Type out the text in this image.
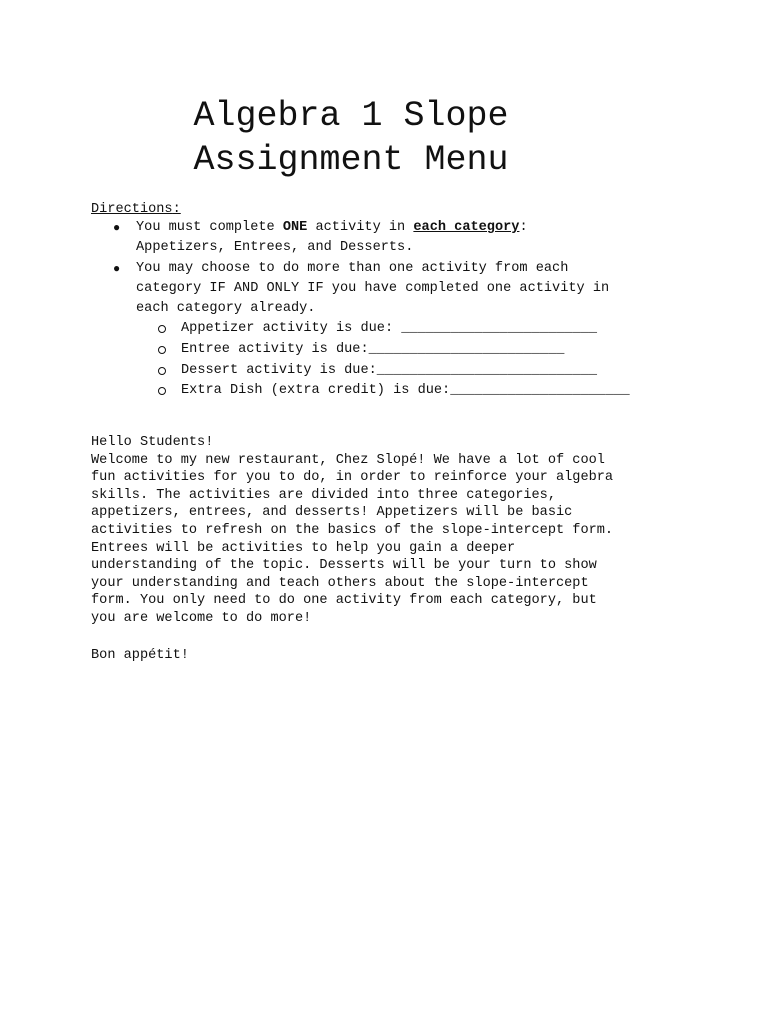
Algebra 1 Slope
Assignment Menu
Directions:
● You must complete ONE activity in each category:
Appetizers, Entrees, and Desserts.
● You may choose to do more than one activity from each
category IF AND ONLY IF you have completed one activity in
each category already.
Appetizer activity is due: ________________________
Entree activity is due:________________________
Dessert activity is due:___________________________
Extra Dish (extra credit) is due:______________________
Hello Students!
Welcome to my new restaurant, Chez Slopé! We have a lot of cool
fun activities for you to do, in order to reinforce your algebra
skills. The activities are divided into three categories,
appetizers, entrees, and desserts! Appetizers will be basic
activities to refresh on the basics of the slope-intercept form.
Entrees will be activities to help you gain a deeper
understanding of the topic. Desserts will be your turn to show
your understanding and teach others about the slope-intercept
form. You only need to do one activity from each category, but
you are welcome to do more!
Bon appétit!
